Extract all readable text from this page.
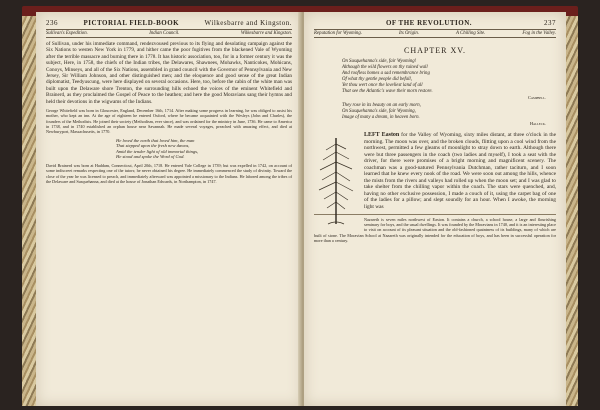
236	PICTORIAL FIELD-BOOK	Wilkesbarre and Kingston.
Sullivan's Expedition.	Indian Council.	Wilkesbarre and Kingston.
of Sullivan, under his immediate command, rendezvoused previous to its flying and desolating campaign against the Six Nations to westen New York in 1779, and hither came the poor fugitives from the blackened Vale of Wyoming after the terrible massacre and burning there in 1778. It has historic association, too, for in a former century it was the subject, Here, in 1758, the chiefs of the Indian tribes, the Delawares, Shawnees, Mohawks, Nanticokes, Mohicans, Conoys, Minseys, and all of the Six Nations, assembled in grand council with the Governor of Pennsylvania and New Jersey, Sir William Johnson, and other distinguished men; and the eloquence and good sense of the great Indian diplomatist, Teedyuscung, were here displayed on several occasions. Here, too, before the cabin of the white man was built upon the Delaware shore Trenton, the surrounding hills echoed the voices of the eminent Whitefield and Brainerd, as they proclaimed the Gospel of Peace to the heathen; and here the good Moravians sang their hymns and held their devotions in the wigwams of the Indians.
George Whitefield was born in Gloucester, England, December 16th, 1714. After making some progress in learning, he was obliged to assist his mother, who kept an inn. At the age of eighteen he entered Oxford, where he became acquainted with the Wesleys (John and Charles), the founders of the Methodists. He joined their society (Methodism, ever since), and was ordained for the ministry in June, 1736. He came to America in 1738, and in 1740 established an orphan house near Savannah. He made several voyages, preached with amazing effect, and died at Newburyport, Massachusetts, in 1770.
He loved the earth that loved him, the man
That stepped upon the fresh new dawns,
Amid the tender light of old immortal things,
He stood and spoke the Word of God.
David Brainerd was born at Haddam, Connecticut, April 20th, 1718. He entered Yale College in 1739; but was expelled in 1742, on account of some indiscreet remarks respecting one of the tutors; he never obtained his degree. He immediately commenced the study of divinity. Toward the close of the year he was licensed to preach, and immediately afterward was appointed a missionary to the Indians. He labored among the tribes of the Delaware and Susquehanna, and died at the house of Jonathan Edwards, in Northampton, in 1747.
OF THE REVOLUTION.	237
Reputation for Wyoming.	Its Origin.	A Chilling Site.	Fog in the Valley.
CHAPTER XV.
On Susquehanna's side, fair Wyoming!
Although the wild flowers on thy ruined wall
And roofless homes a sad remembrance bring
Of what thy gentle people did befall,
Yet thou wert once the loveliest land of all
That see the Atlantic's wave their morn restore.
Campbell.
They rose in its beauty on an early morn,
On Susquehanna's side, fair Wyoming,
Image of many a dream, in heaven born.
Halleck.
LEFT Easton for the Valley of Wyoming, sixty miles distant, at three o'clock in the morning. The moon was over, and the broken clouds, flitting upon a cool wind from the northwest, permitted a few gleams of moonlight to stray down to earth. Although there were but three passengers in the coach (two ladies and myself), I took a seat with the driver, for there were promises of a bright morning and magnificent scenery. The coachman was a good-natured Pennsylvania Dutchman, rather taciturn, and I soon learned that he knew every nook of the road. We were soon out among the hills, whence the mists from the rivers and valleys had rolled up when the moon set; and I was glad to take shelter from the chilling vapor within the coach. The stars were quenched, and, having no other exclusive possession, I made a couch of it, using the carpet bag of one of the ladies for a pillow; and slept soundly for an hour. When I awoke, the morning light was
Nazareth is seven miles northwest of Easton. It contains a church, a school house, a large and flourishing seminary for boys, and the usual dwellings. It was founded by the Moravians in 1740, and it is an interesting place to visit on account of its pleasant situation and the old-fashioned quaintness of its buildings, many of which are built of stone. The Moravian School at Nazareth was originally intended for the education of boys, and has been in successful operation for more than a century.
